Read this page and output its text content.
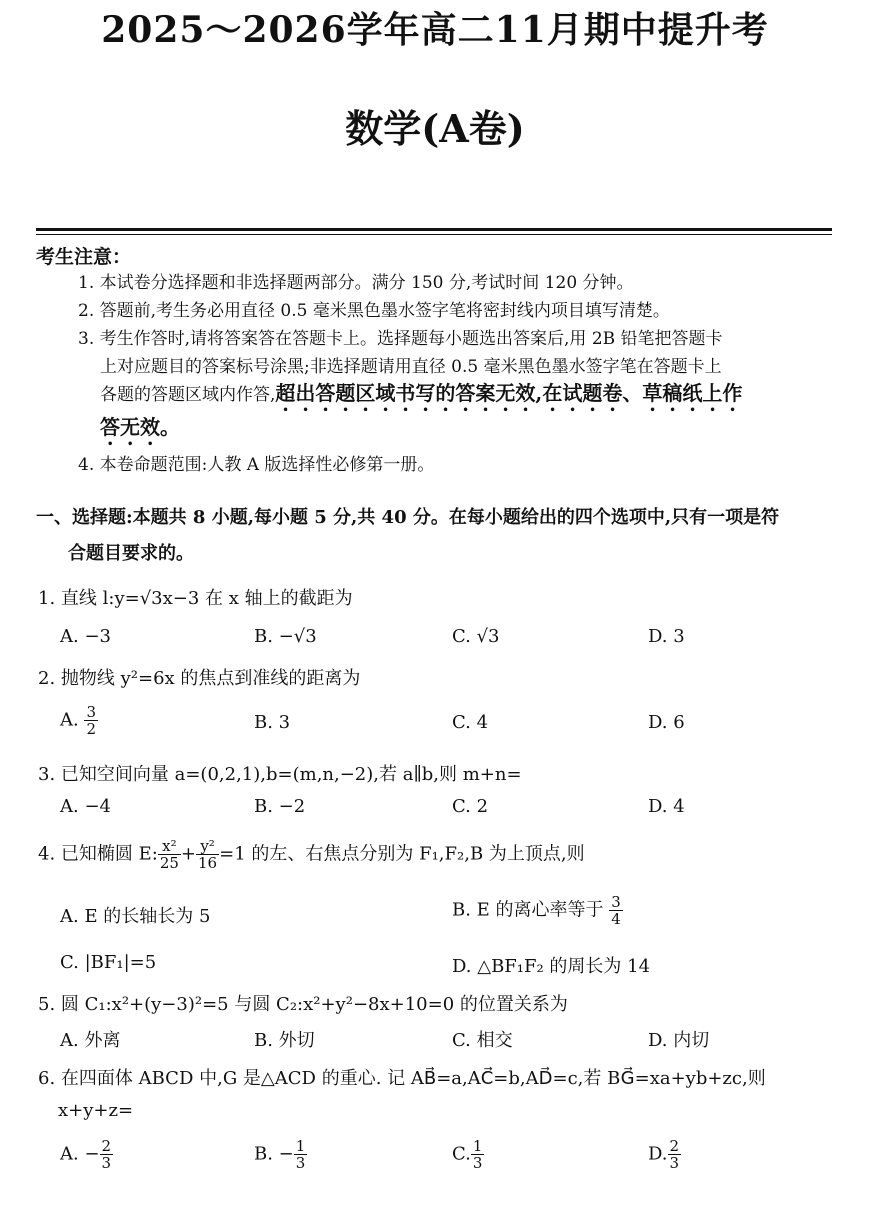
2025～2026学年高二11月期中提升考
数学(A卷)
考生注意：
1. 本试卷分选择题和非选择题两部分。满分 150 分,考试时间 120 分钟。
2. 答题前,考生务必用直径 0.5 毫米黑色墨水签字笔将密封线内项目填写清楚。
3. 考生作答时,请将答案答在答题卡上。选择题每小题选出答案后,用 2B 铅笔把答题卡
上对应题目的答案标号涂黑;非选择题请用直径 0.5 毫米黑色墨水签字笔在答题卡上
各题的答题区域内作答,超出答题区域书写的答案无效,在试题卷、草稿纸上作
答无效。
4. 本卷命题范围:人教 A 版选择性必修第一册。
一、选择题:本题共 8 小题,每小题 5 分,共 40 分。在每小题给出的四个选项中,只有一项是符
合题目要求的。
1. 直线 l:y=√3x−3 在 x 轴上的截距为
A. −3	B. −√3	C. √3	D. 3
2. 抛物线 y²=6x 的焦点到准线的距离为
A. $\frac{3}{2}$	B. 3	C. 4	D. 6
3. 已知空间向量 a=(0,2,1),b=(m,n,−2),若 a∥b,则 m+n=
A. −4	B. −2	C. 2	D. 4
4. 已知椭圆 E: $\frac{\text{x²}}{25} + \frac{\text{y²}}{16} =1$ 的左、右焦点分别为 F₁,F₂,B 为上顶点,则
A. E 的长轴长为 5	B. E 的离心率等于 $\frac{3}{4}$
C. |BF₁|=5	D. △BF₁F₂ 的周长为 14
5. 圆 C₁:x²+(y−3)²=5 与圆 C₂:x²+y²−8x+10=0 的位置关系为
A. 外离	B. 外切	C. 相交	D. 内切
6. 在四面体 ABCD 中,G 是△ACD 的重心. 记 AB⃗=a,AC⃗=b,AD⃗=c,若 BG⃗=xa+yb+zc,则
x+y+z=
A. − $\frac{2}{3}$	B. − $\frac{1}{3}$	C. $\frac{1}{3}$	D. $\frac{2}{3}$
